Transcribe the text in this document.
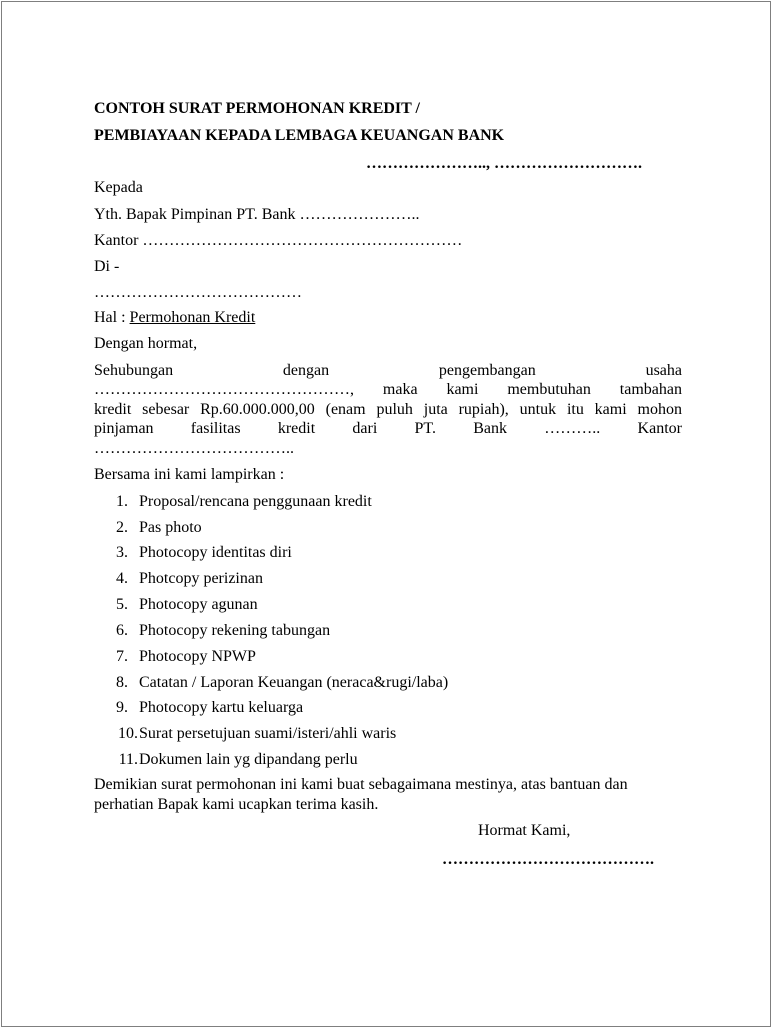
CONTOH SURAT PERMOHONAN KREDIT /
PEMBIAYAAN KEPADA LEMBAGA KEUANGAN BANK
………………….., ……………………….
Kepada
Yth. Bapak Pimpinan PT. Bank …………………..
Kantor ……………………………………………………
Di -
…………………………………
Hal : Permohonan Kredit
Dengan hormat,
Sehubungan	dengan	pengembangan	usaha
…………………………………………, maka kami membutuhan tambahan
kredit sebesar Rp.60.000.000,00 (enam puluh juta rupiah), untuk itu kami mohon
pinjaman fasilitas kredit dari PT. Bank ……….. Kantor
………………………………..
Bersama ini kami lampirkan :
1. Proposal/rencana penggunaan kredit
2. Pas photo
3. Photocopy identitas diri
4. Photcopy perizinan
5. Photocopy agunan
6. Photocopy rekening tabungan
7. Photocopy NPWP
8. Catatan / Laporan Keuangan (neraca&rugi/laba)
9. Photocopy kartu keluarga
10. Surat persetujuan suami/isteri/ahli waris
11. Dokumen lain yg dipandang perlu
Demikian surat permohonan ini kami buat sebagaimana mestinya, atas bantuan dan
perhatian Bapak kami ucapkan terima kasih.
Hormat Kami,
………………………………….
